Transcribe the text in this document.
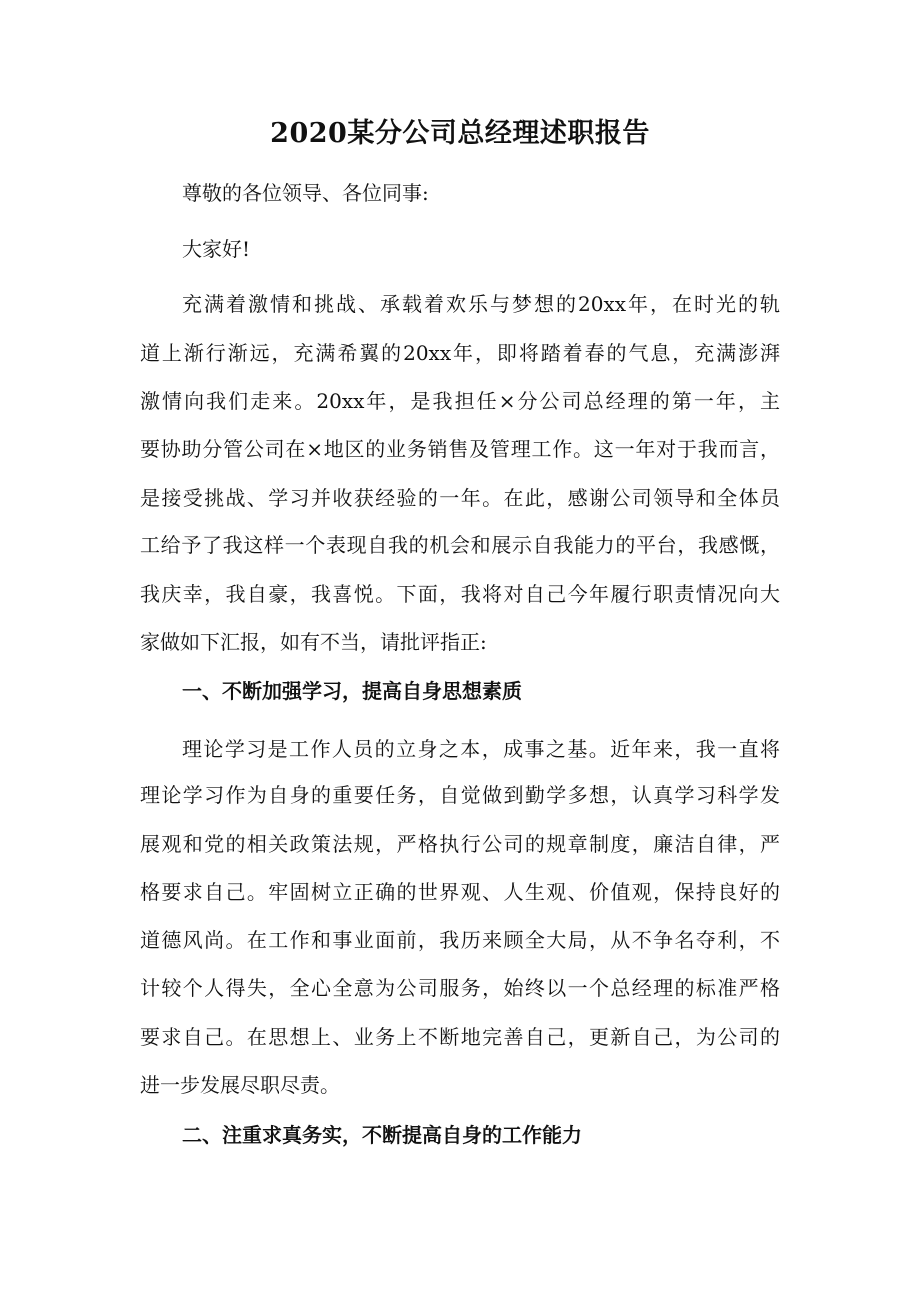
2020某分公司总经理述职报告
尊敬的各位领导、各位同事:
大家好!
充满着激情和挑战、承载着欢乐与梦想的20xx年，在时光的轨
道上渐行渐远，充满希翼的20xx年，即将踏着春的气息，充满澎湃
激情向我们走来。20xx年，是我担任×分公司总经理的第一年，主
要协助分管公司在×地区的业务销售及管理工作。这一年对于我而言，
是接受挑战、学习并收获经验的一年。在此，感谢公司领导和全体员
工给予了我这样一个表现自我的机会和展示自我能力的平台，我感慨，
我庆幸，我自豪，我喜悦。下面，我将对自己今年履行职责情况向大
家做如下汇报，如有不当，请批评指正:
一、不断加强学习，提高自身思想素质
理论学习是工作人员的立身之本，成事之基。近年来，我一直将
理论学习作为自身的重要任务，自觉做到勤学多想，认真学习科学发
展观和党的相关政策法规，严格执行公司的规章制度，廉洁自律，严
格要求自己。牢固树立正确的世界观、人生观、价值观，保持良好的
道德风尚。在工作和事业面前，我历来顾全大局，从不争名夺利，不
计较个人得失，全心全意为公司服务，始终以一个总经理的标准严格
要求自己。在思想上、业务上不断地完善自己，更新自己，为公司的
进一步发展尽职尽责。
二、注重求真务实，不断提高自身的工作能力
